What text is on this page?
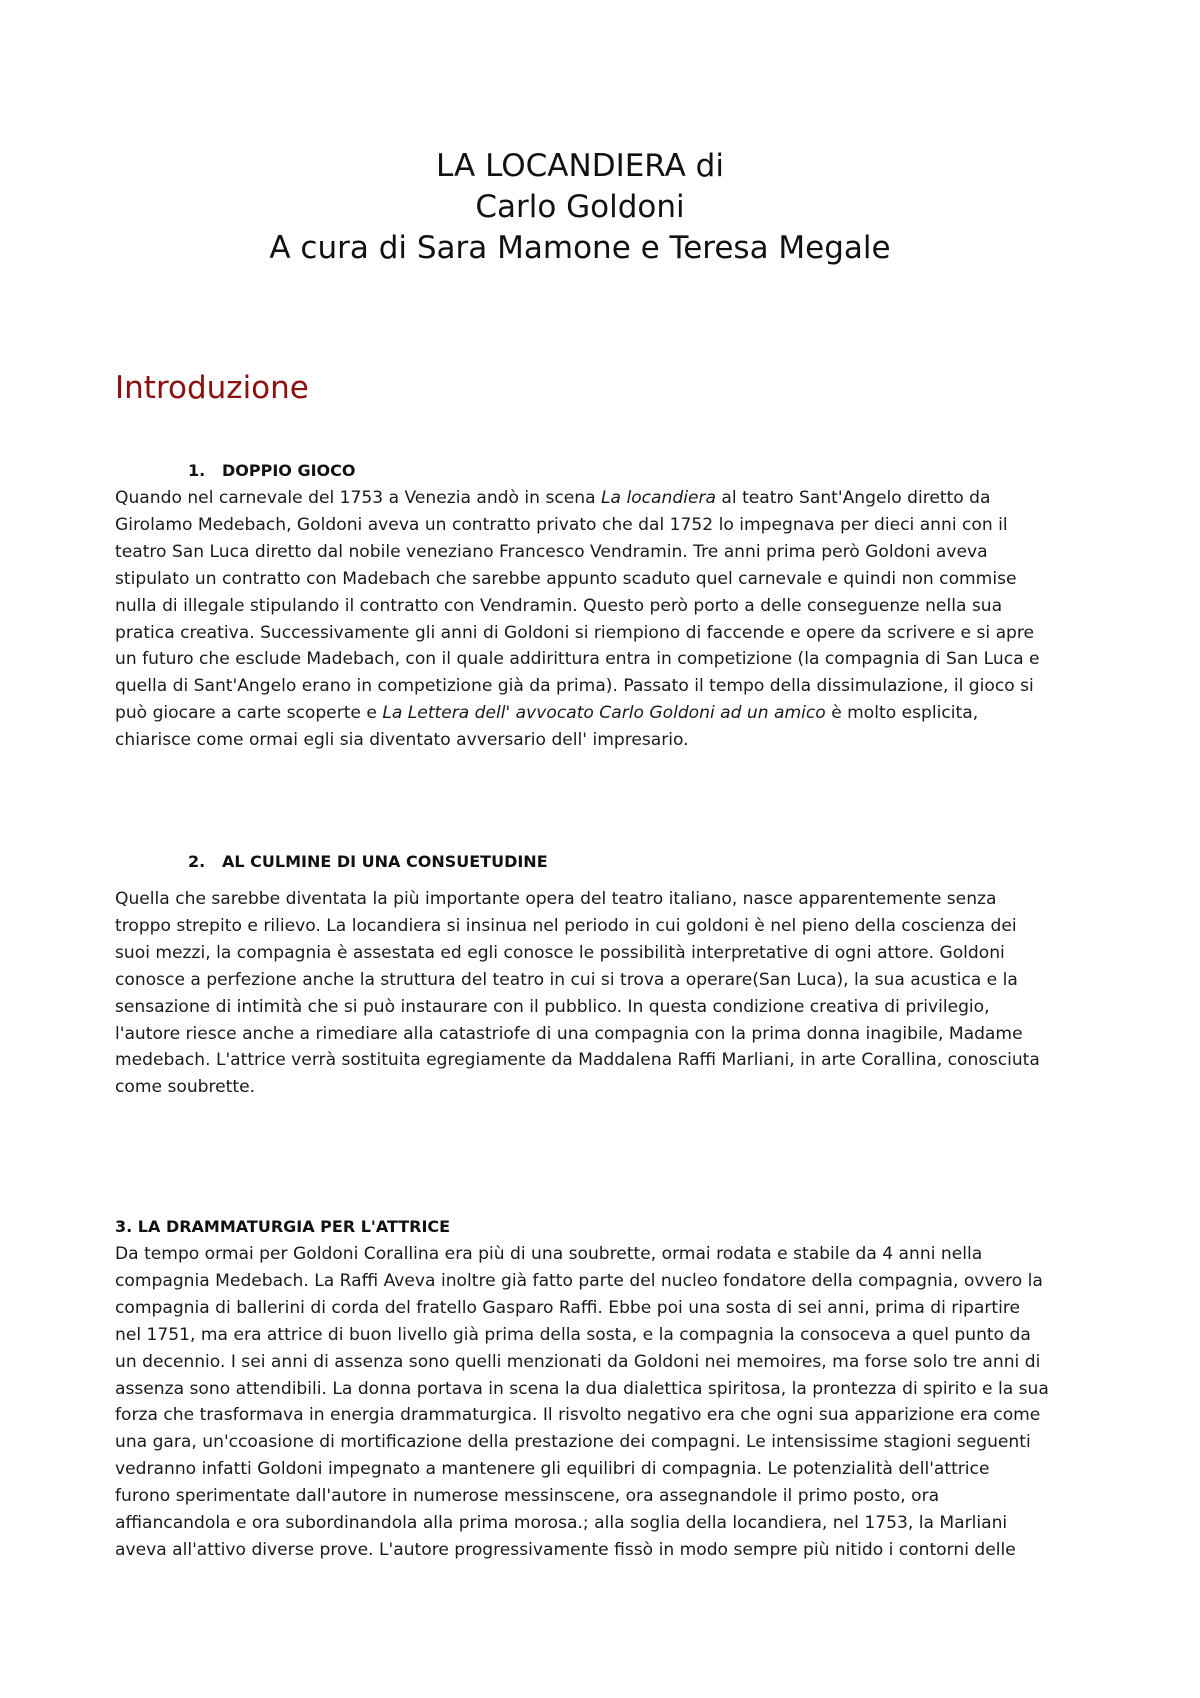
LA LOCANDIERA di
Carlo Goldoni
A cura di Sara Mamone e Teresa Megale
Introduzione
1. DOPPIO GIOCO
Quando nel carnevale del 1753 a Venezia andò in scena La locandiera al teatro Sant'Angelo diretto da
Girolamo Medebach, Goldoni aveva un contratto privato che dal 1752 lo impegnava per dieci anni con il
teatro San Luca diretto dal nobile veneziano Francesco Vendramin. Tre anni prima però Goldoni aveva
stipulato un contratto con Madebach che sarebbe appunto scaduto quel carnevale e quindi non commise
nulla di illegale stipulando il contratto con Vendramin. Questo però porto a delle conseguenze nella sua
pratica creativa. Successivamente gli anni di Goldoni si riempiono di faccende e opere da scrivere e si apre
un futuro che esclude Madebach, con il quale addirittura entra in competizione (la compagnia di San Luca e
quella di Sant'Angelo erano in competizione già da prima). Passato il tempo della dissimulazione, il gioco si
può giocare a carte scoperte e La Lettera dell' avvocato Carlo Goldoni ad un amico è molto esplicita,
chiarisce come ormai egli sia diventato avversario dell' impresario.
2. AL CULMINE DI UNA CONSUETUDINE
Quella che sarebbe diventata la più importante opera del teatro italiano, nasce apparentemente senza
troppo strepito e rilievo. La locandiera si insinua nel periodo in cui goldoni è nel pieno della coscienza dei
suoi mezzi, la compagnia è assestata ed egli conosce le possibilità interpretative di ogni attore. Goldoni
conosce a perfezione anche la struttura del teatro in cui si trova a operare(San Luca), la sua acustica e la
sensazione di intimità che si può instaurare con il pubblico. In questa condizione creativa di privilegio,
l'autore riesce anche a rimediare alla catastriofe di una compagnia con la prima donna inagibile, Madame
medebach. L'attrice verrà sostituita egregiamente da Maddalena Raffi Marliani, in arte Corallina, conosciuta
come soubrette.
3. LA DRAMMATURGIA PER L'ATTRICE
Da tempo ormai per Goldoni Corallina era più di una soubrette, ormai rodata e stabile da 4 anni nella
compagnia Medebach. La Raffi Aveva inoltre già fatto parte del nucleo fondatore della compagnia, ovvero la
compagnia di ballerini di corda del fratello Gasparo Raffi. Ebbe poi una sosta di sei anni, prima di ripartire
nel 1751, ma era attrice di buon livello già prima della sosta, e la compagnia la consoceva a quel punto da
un decennio. I sei anni di assenza sono quelli menzionati da Goldoni nei memoires, ma forse solo tre anni di
assenza sono attendibili. La donna portava in scena la dua dialettica spiritosa, la prontezza di spirito e la sua
forza che trasformava in energia drammaturgica. Il risvolto negativo era che ogni sua apparizione era come
una gara, un'ccoasione di mortificazione della prestazione dei compagni. Le intensissime stagioni seguenti
vedranno infatti Goldoni impegnato a mantenere gli equilibri di compagnia. Le potenzialità dell'attrice
furono sperimentate dall'autore in numerose messinscene, ora assegnandole il primo posto, ora
affiancandola e ora subordinandola alla prima morosa.; alla soglia della locandiera, nel 1753, la Marliani
aveva all'attivo diverse prove. L'autore progressivamente fissò in modo sempre più nitido i contorni delle
